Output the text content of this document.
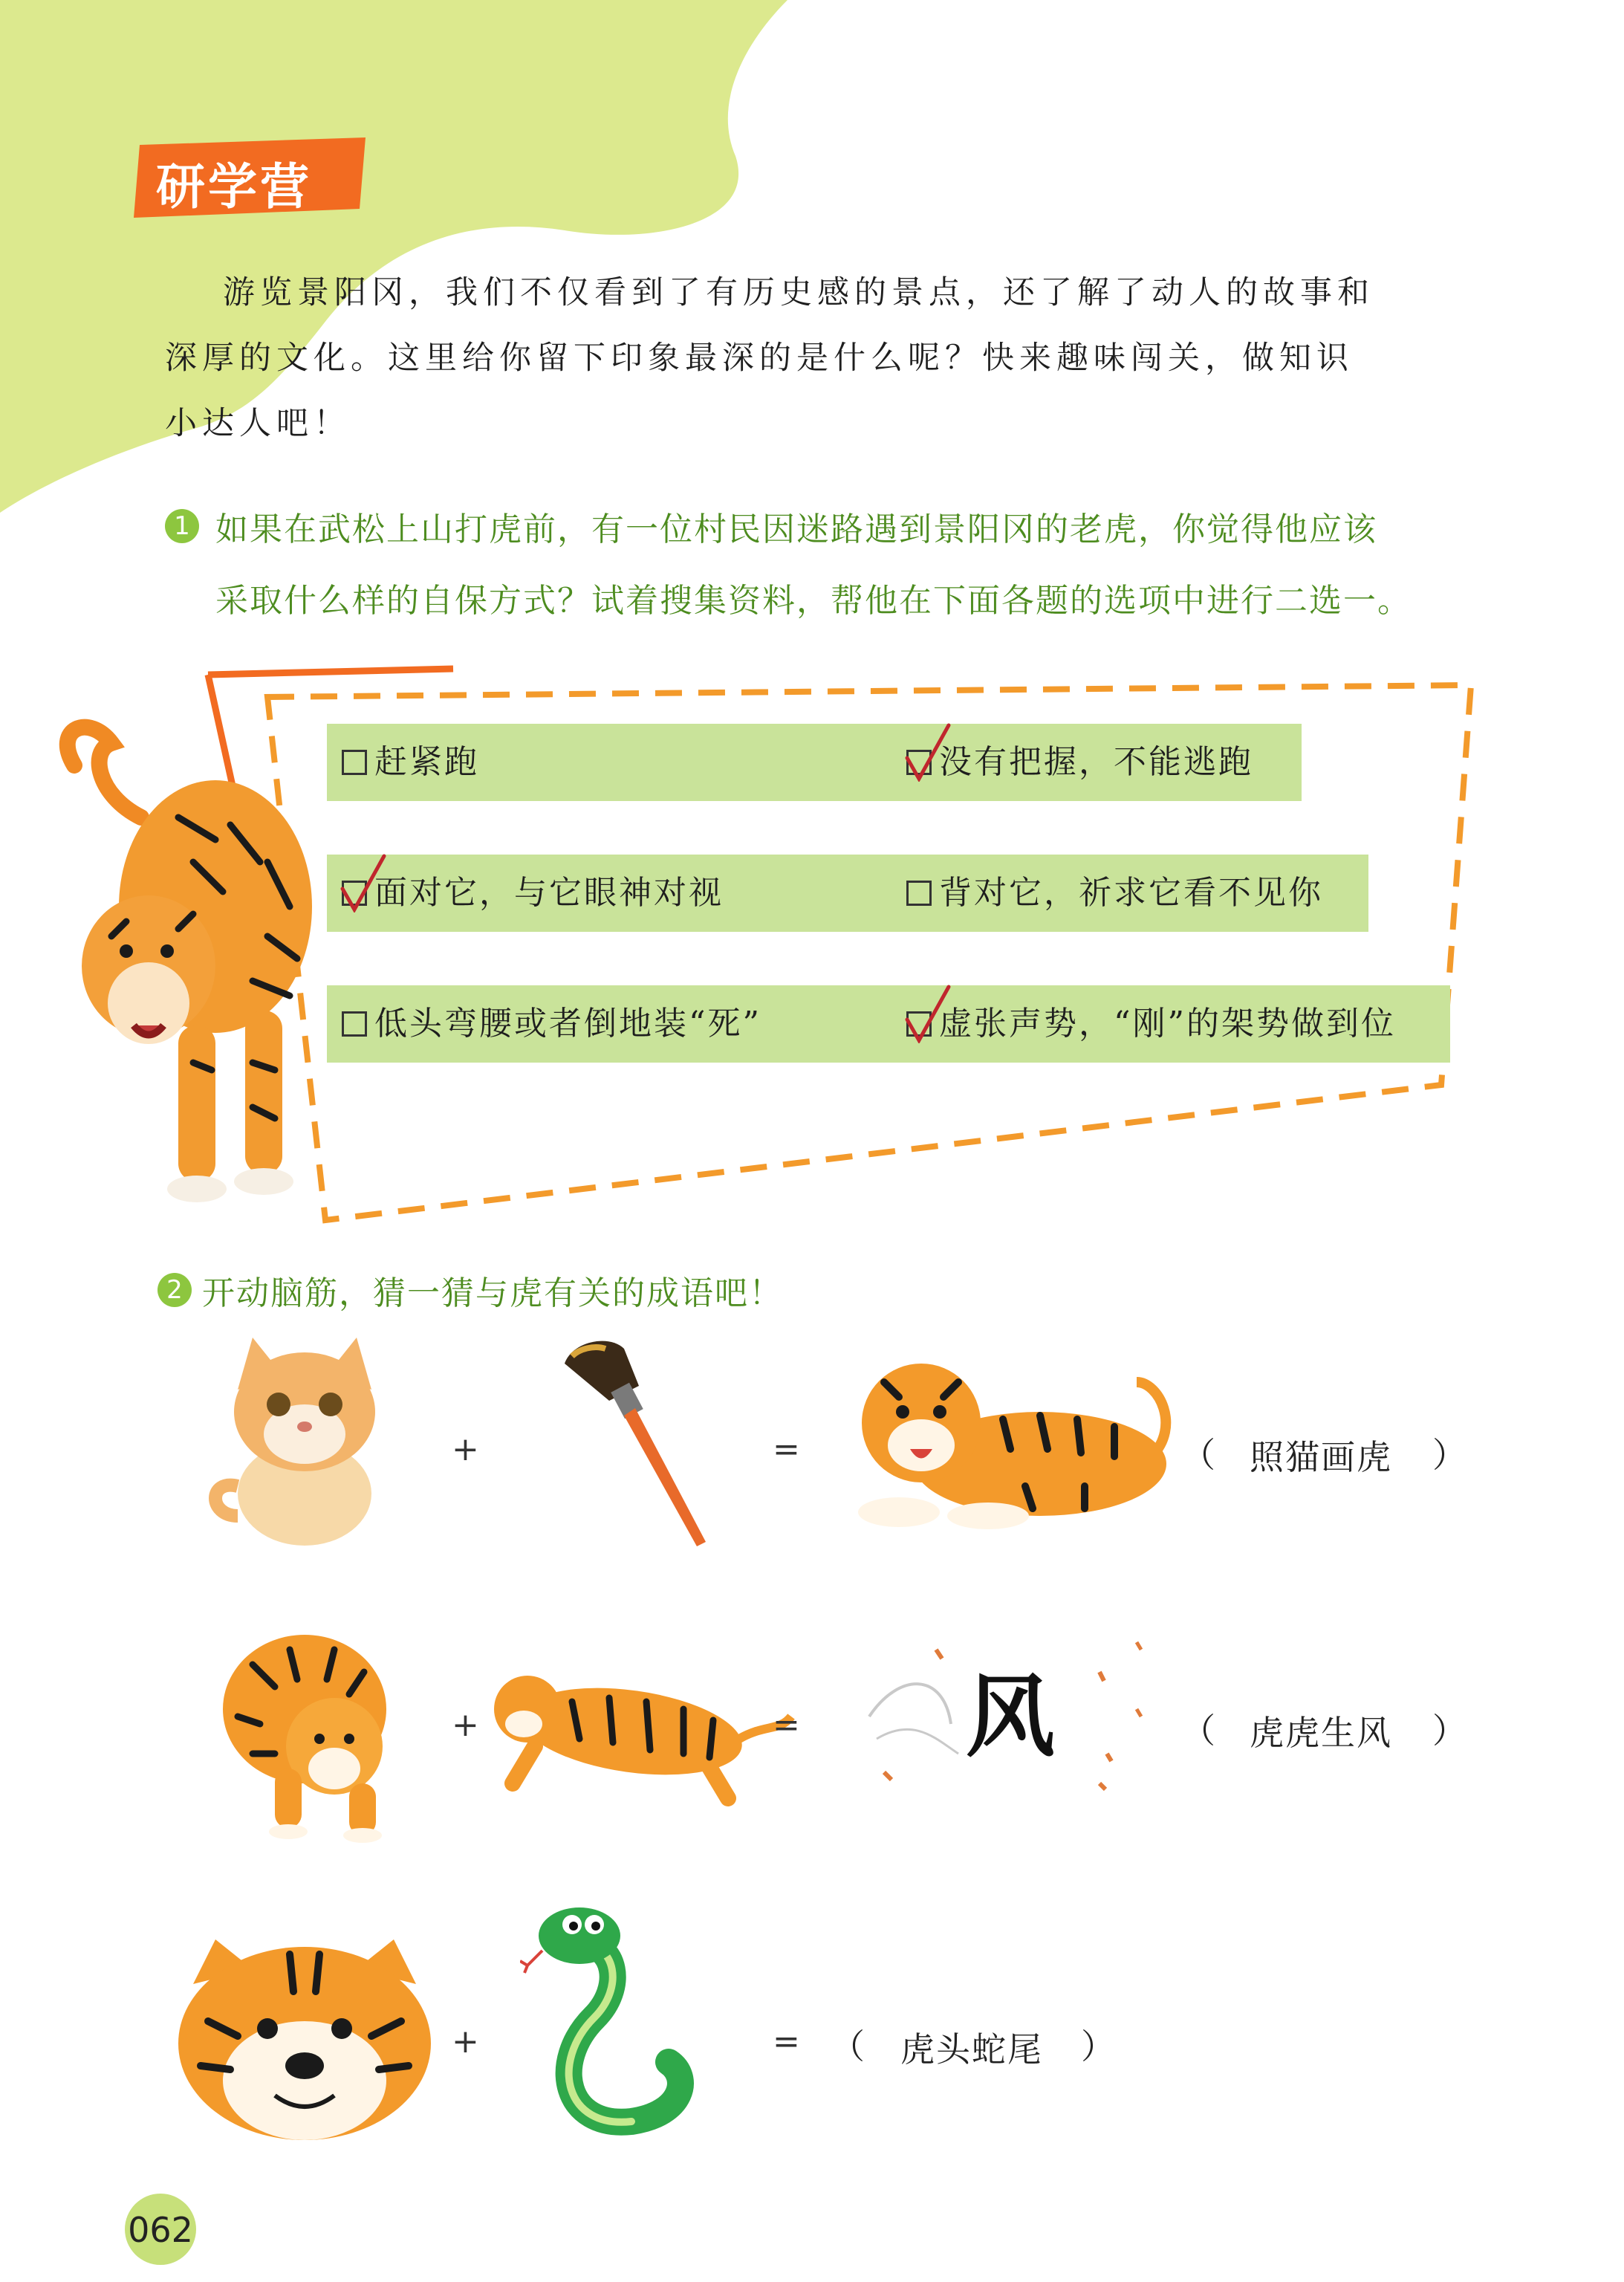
研学营
游览景阳冈，我们不仅看到了有历史感的景点，还了解了动人的故事和
深厚的文化。这里给你留下印象最深的是什么呢？快来趣味闯关，做知识
小达人吧！
1 如果在武松上山打虎前，有一位村民因迷路遇到景阳冈的老虎，你觉得他应该
采取什么样的自保方式？试着搜集资料，帮他在下面各题的选项中进行二选一。
赶紧跑	没有把握，不能逃跑
面对它，与它眼神对视	背对它，祈求它看不见你
低头弯腰或者倒地装“死”	虚张声势，“刚”的架势做到位
2 开动脑筋，猜一猜与虎有关的成语吧！
+	=	（ 照猫画虎 ）
+	= 风	（ 虎虎生风 ）
+	= （ 虎头蛇尾 ）
062
